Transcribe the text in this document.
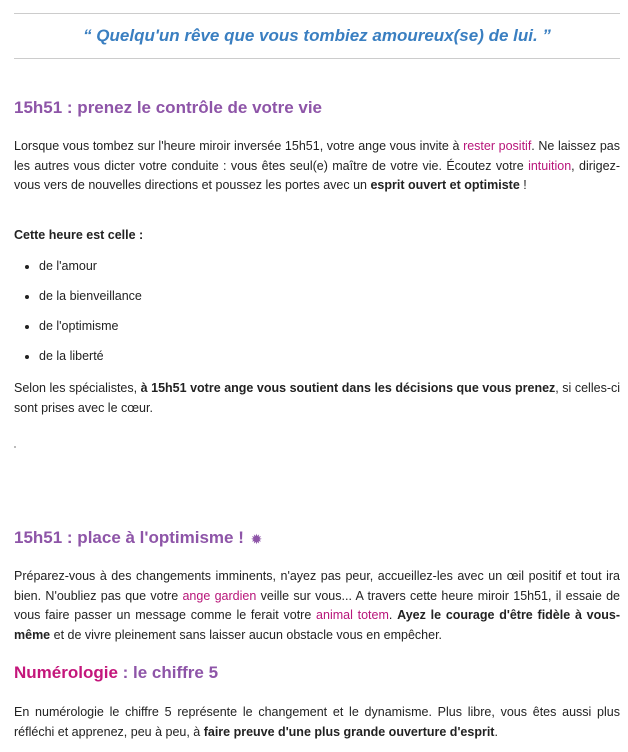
“ Quelqu'un rêve que vous tombiez amoureux(se) de lui. ”
15h51 : prenez le contrôle de votre vie

Lorsque vous tombez sur l'heure miroir inversée 15h51, votre ange vous invite à rester positif. Ne laissez pas les autres vous dicter votre conduite : vous êtes seul(e) maître de votre vie. Écoutez votre intuition, dirigez-vous vers de nouvelles directions et poussez les portes avec un esprit ouvert et optimiste !

Cette heure est celle :

• de l'amour
• de la bienveillance
• de l'optimisme
• de la liberté

Selon les spécialistes, à 15h51 votre ange vous soutient dans les décisions que vous prenez, si celles-ci sont prises avec le cœur.

15h51 : place à l'optimisme ! ✹

Préparez-vous à des changements imminents, n'ayez pas peur, accueillez-les avec un œil positif et tout ira bien. N'oubliez pas que votre ange gardien veille sur vous... A travers cette heure miroir 15h51, il essaie de vous faire passer un message comme le ferait votre animal totem. Ayez le courage d'être fidèle à vous-même et de vivre pleinement sans laisser aucun obstacle vous en empêcher.

Numérologie : le chiffre 5

En numérologie le chiffre 5 représente le changement et le dynamisme. Plus libre, vous êtes aussi plus réfléchi et apprenez, peu à peu, à faire preuve d'une plus grande ouverture d'esprit.
